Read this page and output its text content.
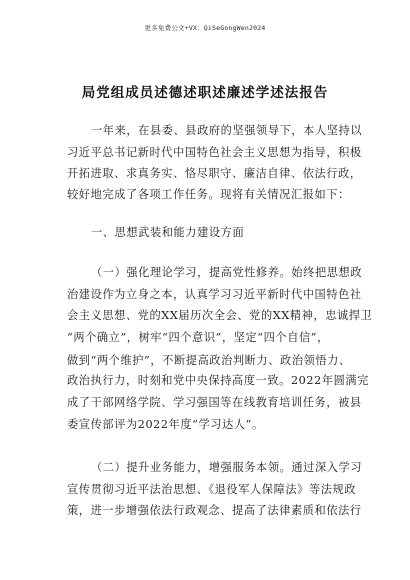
更多免费公文+VX：QiSeGongWen2024
局党组成员述德述职述廉述学述法报告
一年来，在县委、县政府的坚强领导下，本人坚持以
习近平总书记新时代中国特色社会主义思想为指导，积极
开拓进取、求真务实、恪尽职守、廉洁自律、依法行政，
较好地完成了各项工作任务。现将有关情况汇报如下：
一、思想武装和能力建设方面
（一）强化理论学习，提高党性修养。始终把思想政
治建设作为立身之本，认真学习习近平新时代中国特色社
会主义思想、党的XX届历次全会、党的XX精神，忠诚捍卫
“两个确立”，树牢“四个意识”，坚定“四个自信”，
做到“两个维护”，不断提高政治判断力、政治领悟力、
政治执行力，时刻和党中央保持高度一致。2022年圆满完
成了干部网络学院、学习强国等在线教育培训任务，被县
委宣传部评为2022年度“学习达人”。
（二）提升业务能力，增强服务本领。通过深入学习
宣传贯彻习近平法治思想、《退役军人保障法》等法规政
策，进一步增强依法行政观念、提高了法律素质和依法行
